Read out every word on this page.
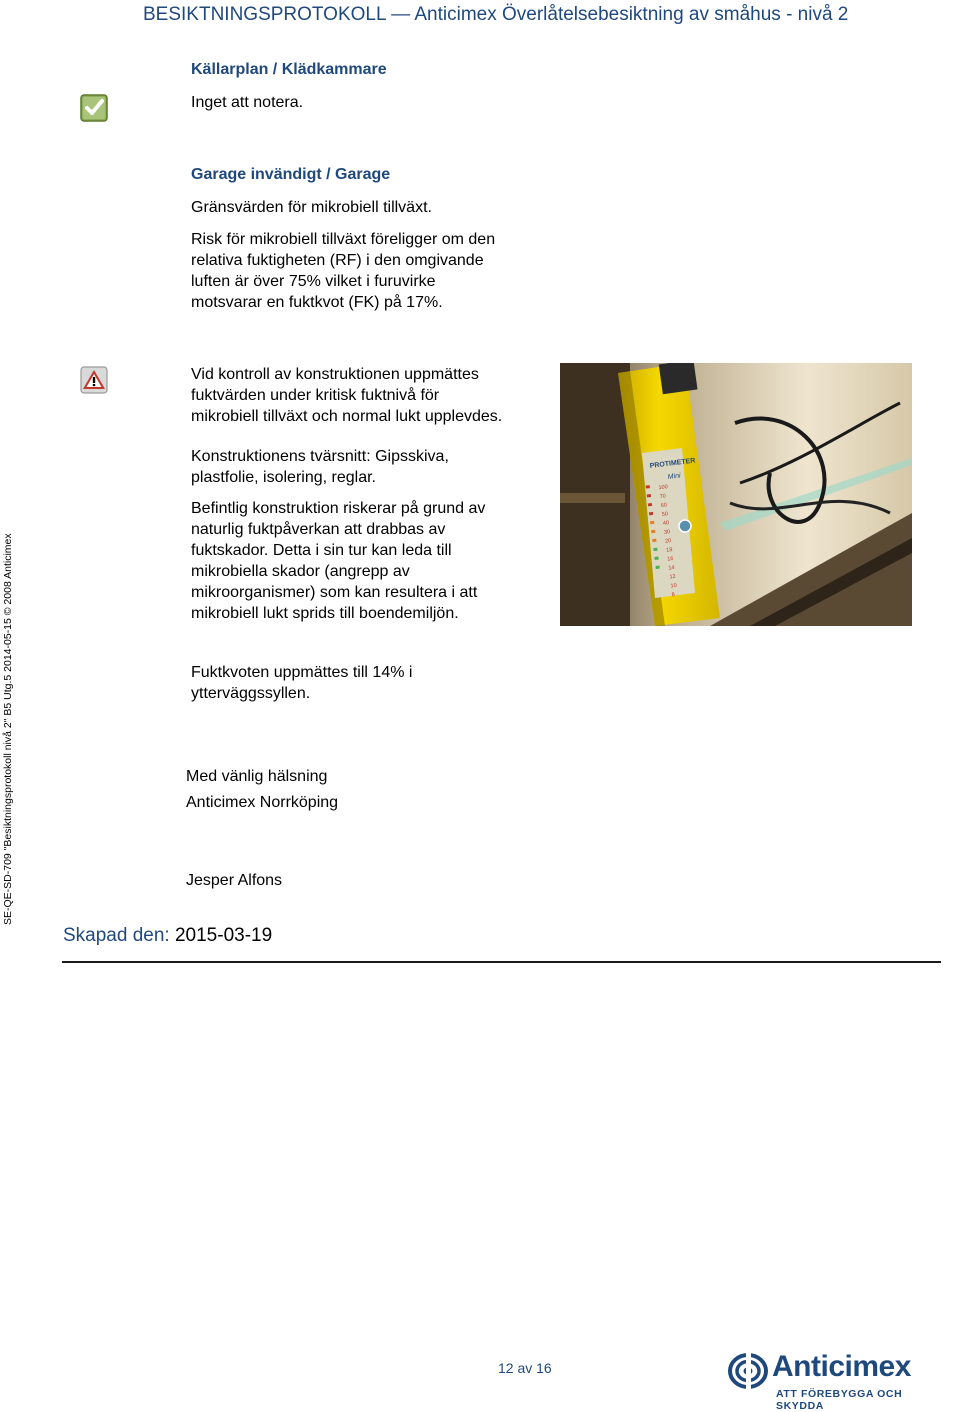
BESIKTNINGSPROTOKOLL — Anticimex Överlåtelsebesiktning av småhus - nivå 2
SE-QE-SD-709 "Besiktningsprotokoll nivå 2" B5 Utg.5 2014-05-15 © 2008 Anticimex
Källarplan / Klädkammare
Inget att notera.
Garage invändigt / Garage
Gränsvärden för mikrobiell tillväxt.
Risk för mikrobiell tillväxt föreligger om den
relativa fuktigheten (RF) i den omgivande
luften är över 75% vilket i furuvirke
motsvarar en fuktkvot (FK) på 17%.
Vid kontroll av konstruktionen uppmättes
fuktvärden under kritisk fuktnivå för
mikrobiell tillväxt och normal lukt upplevdes.
Konstruktionens tvärsnitt: Gipsskiva,
plastfolie, isolering, reglar.
Befintlig konstruktion riskerar på grund av
naturlig fuktpåverkan att drabbas av
fuktskador. Detta i sin tur kan leda till
mikrobiella skador (angrepp av
mikroorganismer) som kan resultera i att
mikrobiell lukt sprids till boendemiljön.
Fuktkvoten uppmättes till 14% i
ytterväggssyllen.
PROTIMETER
Mini
100
70
60
50
40
30
20
18
16
14
12
10
8
Med vänlig hälsning
Anticimex Norrköping
Jesper Alfons
Skapad den: 2015-03-19
12 av 16	Anticimex
ATT FÖREBYGGA OCH SKYDDA
